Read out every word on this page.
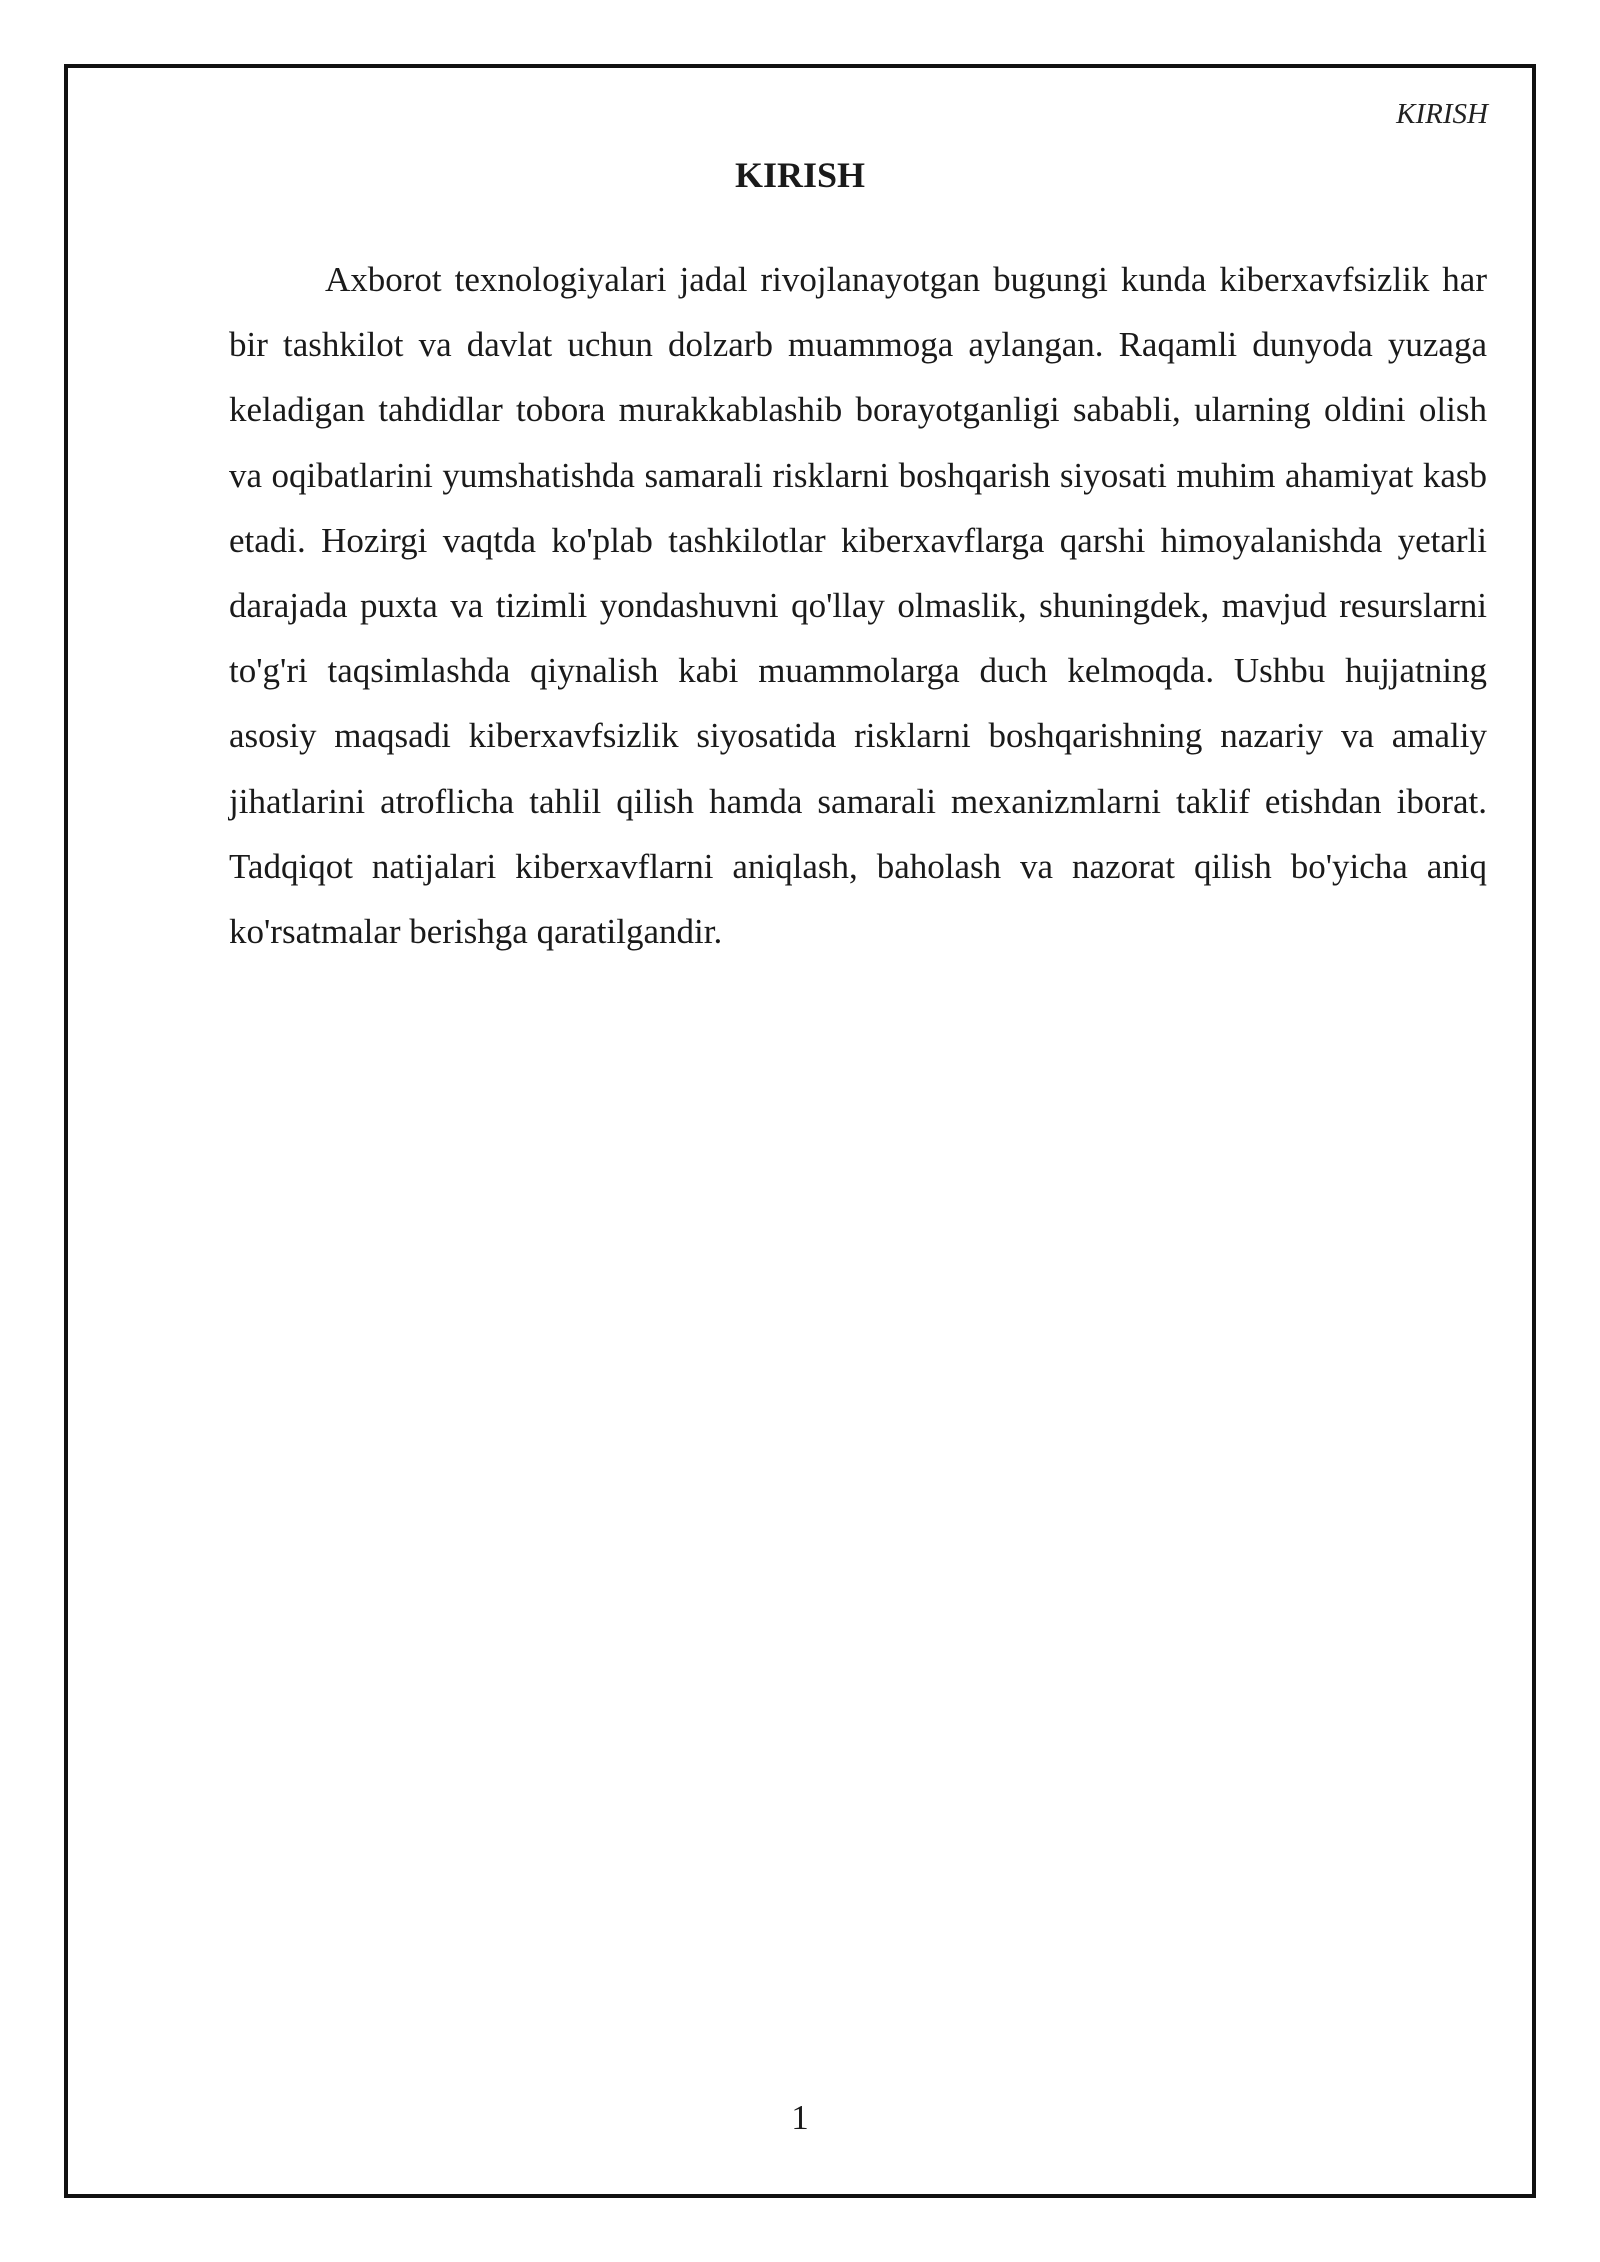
KIRISH
KIRISH

Axborot texnologiyalari jadal rivojlanayotgan bugungi kunda kiberxavfsizlik har bir tashkilot va davlat uchun dolzarb muammoga aylangan. Raqamli dunyoda yuzaga keladigan tahdidlar tobora murakkablashib borayotganligi sababli, ularning oldini olish va oqibatlarini yumshatishda samarali risklarni boshqarish siyosati muhim ahamiyat kasb etadi. Hozirgi vaqtda ko'plab tashkilotlar kiberxavflarga qarshi himoyalanishda yetarli darajada puxta va tizimli yondashuvni qo'llay olmaslik, shuningdek, mavjud resurslarni to'g'ri taqsimlashda qiynalish kabi muammolarga duch kelmoqda. Ushbu hujjatning asosiy maqsadi kiberxavfsizlik siyosatida risklarni boshqarishning nazariy va amaliy jihatlarini atroflicha tahlil qilish hamda samarali mexanizmlarni taklif etishdan iborat. Tadqiqot natijalari kiberxavflarni aniqlash, baholash va nazorat qilish bo'yicha aniq ko'rsatmalar berishga qaratilgandir.

1
